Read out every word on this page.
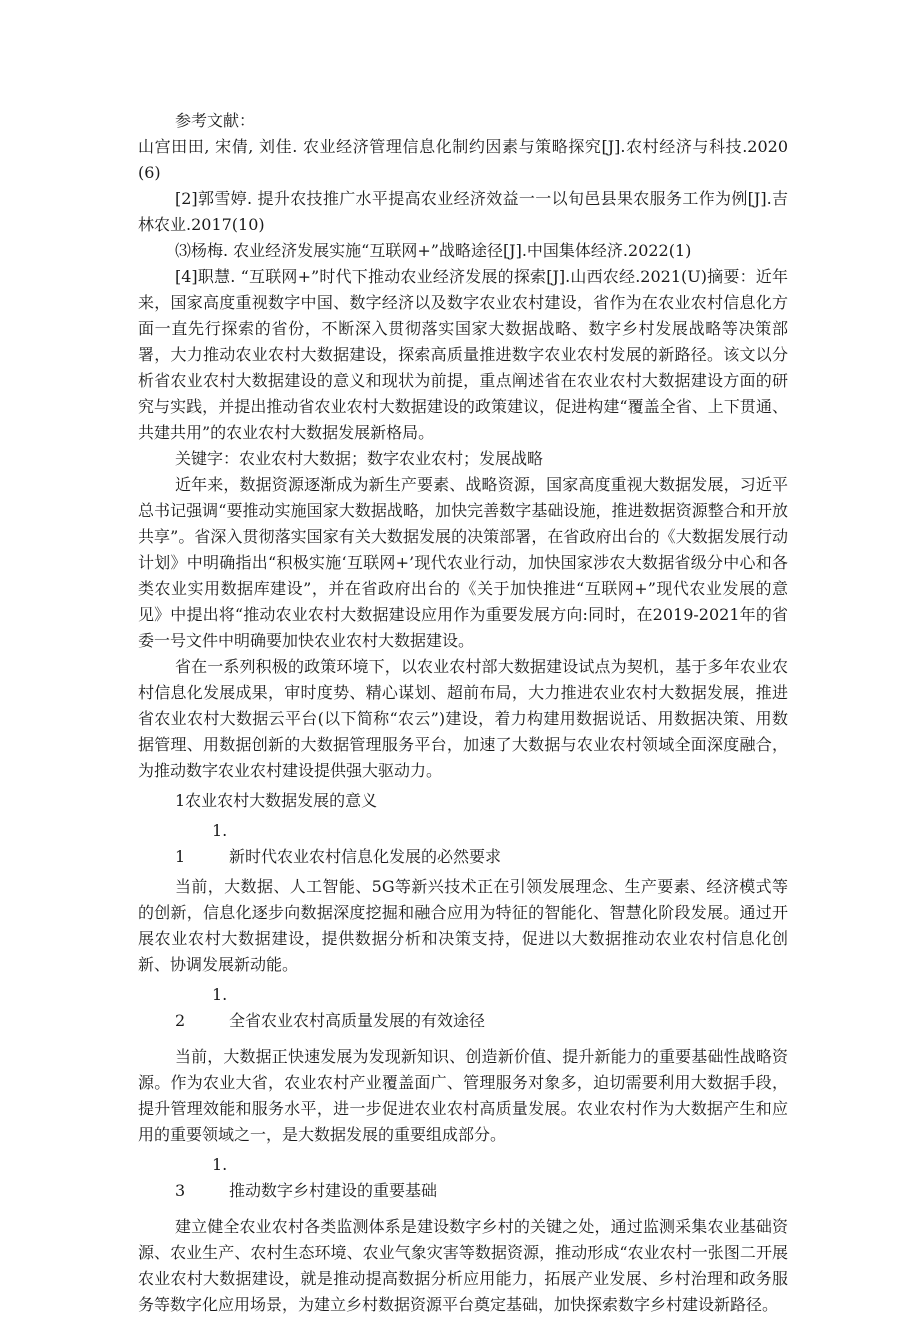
参考文献：

山宫田田, 宋倩, 刘佳. 农业经济管理信息化制约因素与策略探究[J].农村经济与科技.2020(6)

[2]郭雪婷. 提升农技推广水平提高农业经济效益一一以旬邑县果农服务工作为例[J].吉林农业.2017(10)

⑶杨梅. 农业经济发展实施“互联网+”战略途径[J].中国集体经济.2022(1)

[4]职慧. “互联网+”时代下推动农业经济发展的探索[J].山西农经.2021(U)摘要：近年来，国家高度重视数字中国、数字经济以及数字农业农村建设，省作为在农业农村信息化方面一直先行探索的省份，不断深入贯彻落实国家大数据战略、数字乡村发展战略等决策部署，大力推动农业农村大数据建设，探索高质量推进数字农业农村发展的新路径。该文以分析省农业农村大数据建设的意义和现状为前提，重点阐述省在农业农村大数据建设方面的研究与实践，并提出推动省农业农村大数据建设的政策建议，促进构建“覆盖全省、上下贯通、共建共用”的农业农村大数据发展新格局。

关键字：农业农村大数据；数字农业农村；发展战略

近年来，数据资源逐渐成为新生产要素、战略资源，国家高度重视大数据发展，习近平总书记强调“要推动实施国家大数据战略，加快完善数字基础设施，推进数据资源整合和开放共享”。省深入贯彻落实国家有关大数据发展的决策部署，在省政府出台的《大数据发展行动计划》中明确指出“积极实施‘互联网+’现代农业行动，加快国家涉农大数据省级分中心和各类农业实用数据库建设”，并在省政府出台的《关于加快推进“互联网+”现代农业发展的意见》中提出将“推动农业农村大数据建设应用作为重要发展方向:同时，在2019-2021年的省委一号文件中明确要加快农业农村大数据建设。

省在一系列积极的政策环境下，以农业农村部大数据建设试点为契机，基于多年农业农村信息化发展成果，审时度势、精心谋划、超前布局，大力推进农业农村大数据发展，推进省农业农村大数据云平台(以下简称“农云”)建设，着力构建用数据说话、用数据决策、用数据管理、用数据创新的大数据管理服务平台，加速了大数据与农业农村领域全面深度融合，为推动数字农业农村建设提供强大驱动力。

1农业农村大数据发展的意义

1.1	新时代农业农村信息化发展的必然要求

当前，大数据、人工智能、5G等新兴技术正在引领发展理念、生产要素、经济模式等的创新，信息化逐步向数据深度挖掘和融合应用为特征的智能化、智慧化阶段发展。通过开展农业农村大数据建设，提供数据分析和决策支持，促进以大数据推动农业农村信息化创新、协调发展新动能。

1.2	全省农业农村高质量发展的有效途径

当前，大数据正快速发展为发现新知识、创造新价值、提升新能力的重要基础性战略资源。作为农业大省，农业农村产业覆盖面广、管理服务对象多，迫切需要利用大数据手段，提升管理效能和服务水平，进一步促进农业农村高质量发展。农业农村作为大数据产生和应用的重要领域之一，是大数据发展的重要组成部分。

1.3	推动数字乡村建设的重要基础

建立健全农业农村各类监测体系是建设数字乡村的关键之处，通过监测采集农业基础资源、农业生产、农村生态环境、农业气象灾害等数据资源，推动形成“农业农村一张图二开展农业农村大数据建设，就是推动提高数据分析应用能力，拓展产业发展、乡村治理和政务服务等数字化应用场景，为建立乡村数据资源平台奠定基础，加快探索数字乡村建设新路径。
